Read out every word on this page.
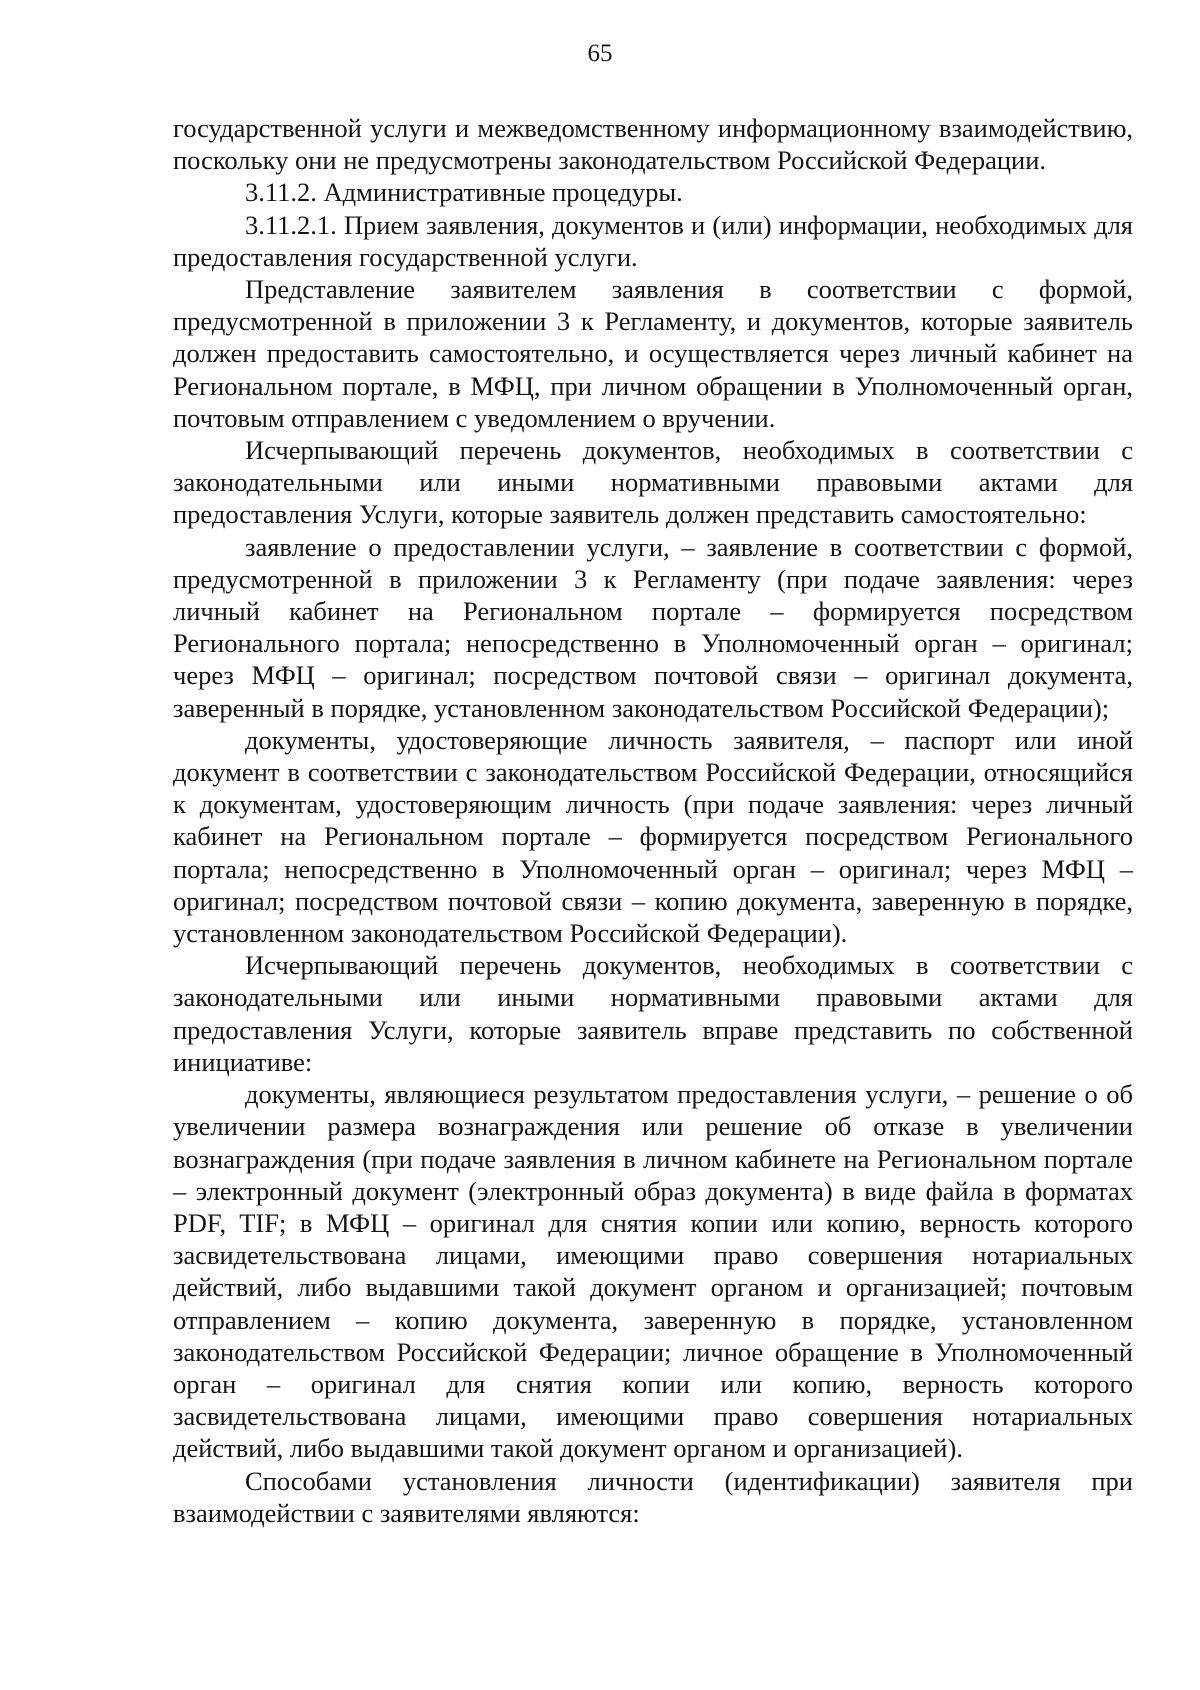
65

государственной услуги и межведомственному информационному взаимодействию, поскольку они не предусмотрены законодательством Российской Федерации.

3.11.2. Административные процедуры.

3.11.2.1. Прием заявления, документов и (или) информации, необходимых для предоставления государственной услуги.

Представление заявителем заявления в соответствии с формой, предусмотренной в приложении 3 к Регламенту, и документов, которые заявитель должен предоставить самостоятельно, и осуществляется через личный кабинет на Региональном портале, в МФЦ, при личном обращении в Уполномоченный орган, почтовым отправлением с уведомлением о вручении.

Исчерпывающий перечень документов, необходимых в соответствии с законодательными или иными нормативными правовыми актами для предоставления Услуги, которые заявитель должен представить самостоятельно:

заявление о предоставлении услуги, – заявление в соответствии с формой, предусмотренной в приложении 3 к Регламенту (при подаче заявления: через личный кабинет на Региональном портале – формируется посредством Регионального портала; непосредственно в Уполномоченный орган – оригинал; через МФЦ – оригинал; посредством почтовой связи – оригинал документа, заверенный в порядке, установленном законодательством Российской Федерации);

документы, удостоверяющие личность заявителя, – паспорт или иной документ в соответствии с законодательством Российской Федерации, относящийся к документам, удостоверяющим личность (при подаче заявления: через личный кабинет на Региональном портале – формируется посредством Регионального портала; непосредственно в Уполномоченный орган – оригинал; через МФЦ – оригинал; посредством почтовой связи – копию документа, заверенную в порядке, установленном законодательством Российской Федерации).

Исчерпывающий перечень документов, необходимых в соответствии с законодательными или иными нормативными правовыми актами для предоставления Услуги, которые заявитель вправе представить по собственной инициативе:

документы, являющиеся результатом предоставления услуги, – решение о об увеличении размера вознаграждения или решение об отказе в увеличении вознаграждения (при подаче заявления в личном кабинете на Региональном портале – электронный документ (электронный образ документа) в виде файла в форматах PDF, TIF; в МФЦ – оригинал для снятия копии или копию, верность которого засвидетельствована лицами, имеющими право совершения нотариальных действий, либо выдавшими такой документ органом и организацией; почтовым отправлением – копию документа, заверенную в порядке, установленном законодательством Российской Федерации; личное обращение в Уполномоченный орган – оригинал для снятия копии или копию, верность которого засвидетельствована лицами, имеющими право совершения нотариальных действий, либо выдавшими такой документ органом и организацией).

Способами установления личности (идентификации) заявителя при взаимодействии с заявителями являются:
